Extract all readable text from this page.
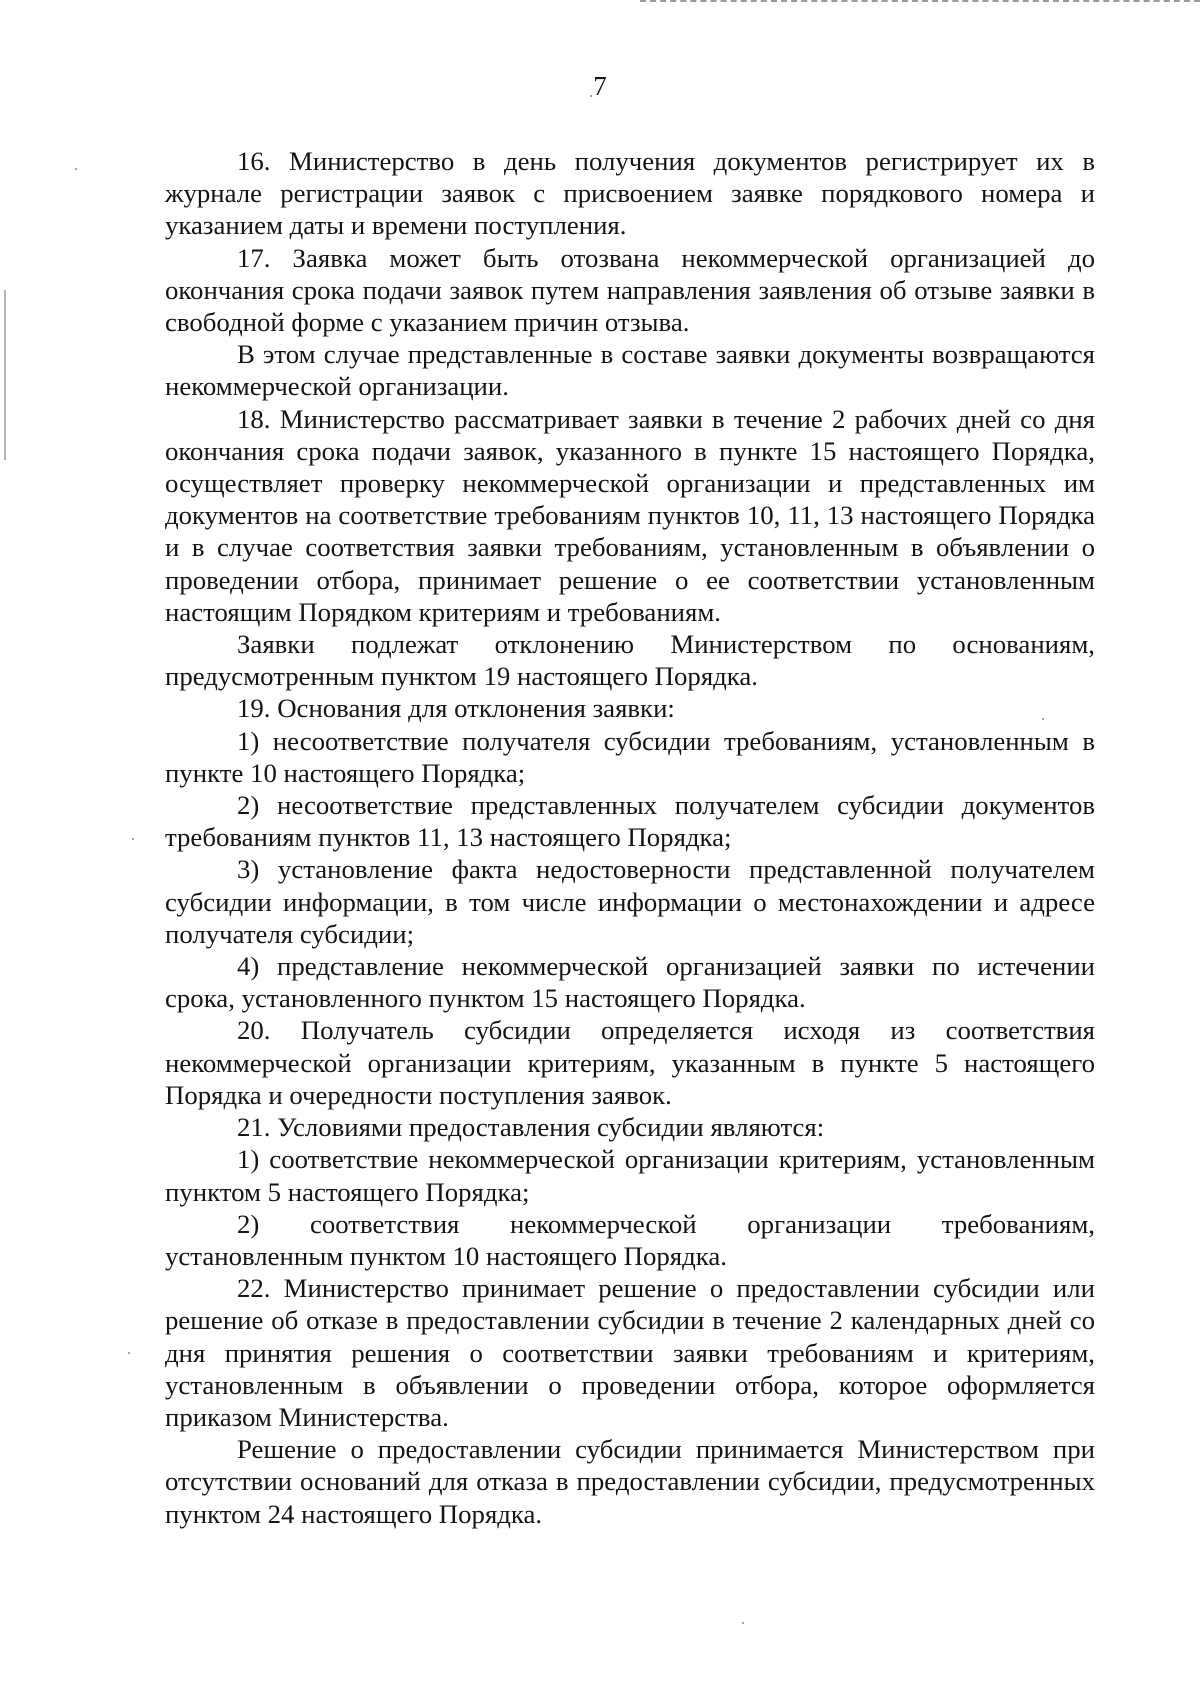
7

16. Министерство в день получения документов регистрирует их в журнале регистрации заявок с присвоением заявке порядкового номера и указанием даты и времени поступления.

17. Заявка может быть отозвана некоммерческой организацией до окончания срока подачи заявок путем направления заявления об отзыве заявки в свободной форме с указанием причин отзыва.

В этом случае представленные в составе заявки документы возвращаются некоммерческой организации.

18. Министерство рассматривает заявки в течение 2 рабочих дней со дня окончания срока подачи заявок, указанного в пункте 15 настоящего Порядка, осуществляет проверку некоммерческой организации и представленных им документов на соответствие требованиям пунктов 10, 11, 13 настоящего Порядка и в случае соответствия заявки требованиям, установленным в объявлении о проведении отбора, принимает решение о ее соответствии установленным настоящим Порядком критериям и требованиям.

Заявки подлежат отклонению Министерством по основаниям, предусмотренным пунктом 19 настоящего Порядка.

19. Основания для отклонения заявки:

1) несоответствие получателя субсидии требованиям, установленным в пункте 10 настоящего Порядка;

2) несоответствие представленных получателем субсидии документов требованиям пунктов 11, 13 настоящего Порядка;

3) установление факта недостоверности представленной получателем субсидии информации, в том числе информации о местонахождении и адресе получателя субсидии;

4) представление некоммерческой организацией заявки по истечении срока, установленного пунктом 15 настоящего Порядка.

20. Получатель субсидии определяется исходя из соответствия некоммерческой организации критериям, указанным в пункте 5 настоящего Порядка и очередности поступления заявок.

21. Условиями предоставления субсидии являются:

1) соответствие некоммерческой организации критериям, установленным пунктом 5 настоящего Порядка;

2) соответствия некоммерческой организации требованиям, установленным пунктом 10 настоящего Порядка.

22. Министерство принимает решение о предоставлении субсидии или решение об отказе в предоставлении субсидии в течение 2 календарных дней со дня принятия решения о соответствии заявки требованиям и критериям, установленным в объявлении о проведении отбора, которое оформляется приказом Министерства.

Решение о предоставлении субсидии принимается Министерством при отсутствии оснований для отказа в предоставлении субсидии, предусмотренных пунктом 24 настоящего Порядка.
